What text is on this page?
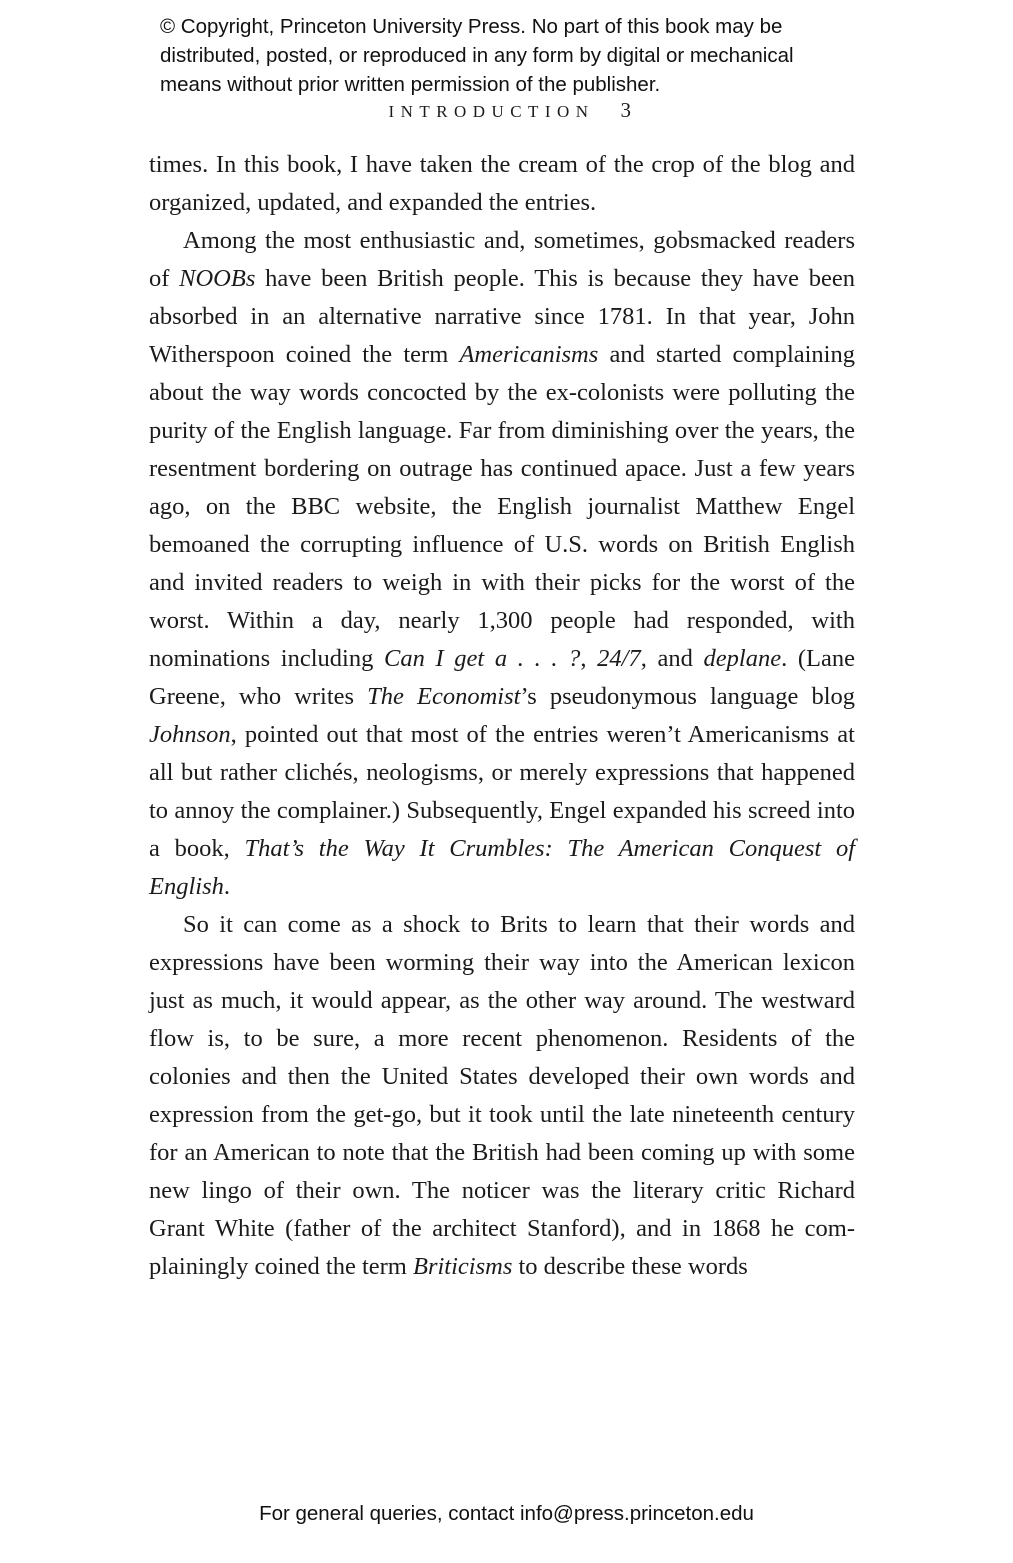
© Copyright, Princeton University Press. No part of this book may be distributed, posted, or reproduced in any form by digital or mechanical means without prior written permission of the publisher.
INTRODUCTION 3

times. In this book, I have taken the cream of the crop of the blog and organized, updated, and expanded the entries.

Among the most enthusiastic and, sometimes, gobsmacked readers of NOOBs have been British people. This is because they have been absorbed in an alternative narrative since 1781. In that year, John Witherspoon coined the term Americanisms and started complaining about the way words concocted by the ex-colonists were polluting the purity of the English language. Far from diminishing over the years, the resentment bordering on outrage has continued apace. Just a few years ago, on the BBC website, the English journalist Matthew Engel bemoaned the corrupting influence of U.S. words on British English and invited readers to weigh in with their picks for the worst of the worst. Within a day, nearly 1,300 people had responded, with nominations including Can I get a . . . ?, 24/7, and deplane. (Lane Greene, who writes The Economist’s pseudonymous language blog Johnson, pointed out that most of the entries weren’t Americanisms at all but rather clichés, neologisms, or merely expressions that happened to annoy the complainer.) Subsequently, Engel expanded his screed into a book, That’s the Way It Crumbles: The American Conquest of English.

So it can come as a shock to Brits to learn that their words and expressions have been worming their way into the American lexicon just as much, it would appear, as the other way around. The westward flow is, to be sure, a more recent phenomenon. Residents of the colonies and then the United States developed their own words and expression from the get-go, but it took until the late nineteenth century for an American to note that the British had been coming up with some new lingo of their own. The noticer was the literary critic Richard Grant White (father of the architect Stanford), and in 1868 he complainingly coined the term Briticisms to describe these words

For general queries, contact info@press.princeton.edu
